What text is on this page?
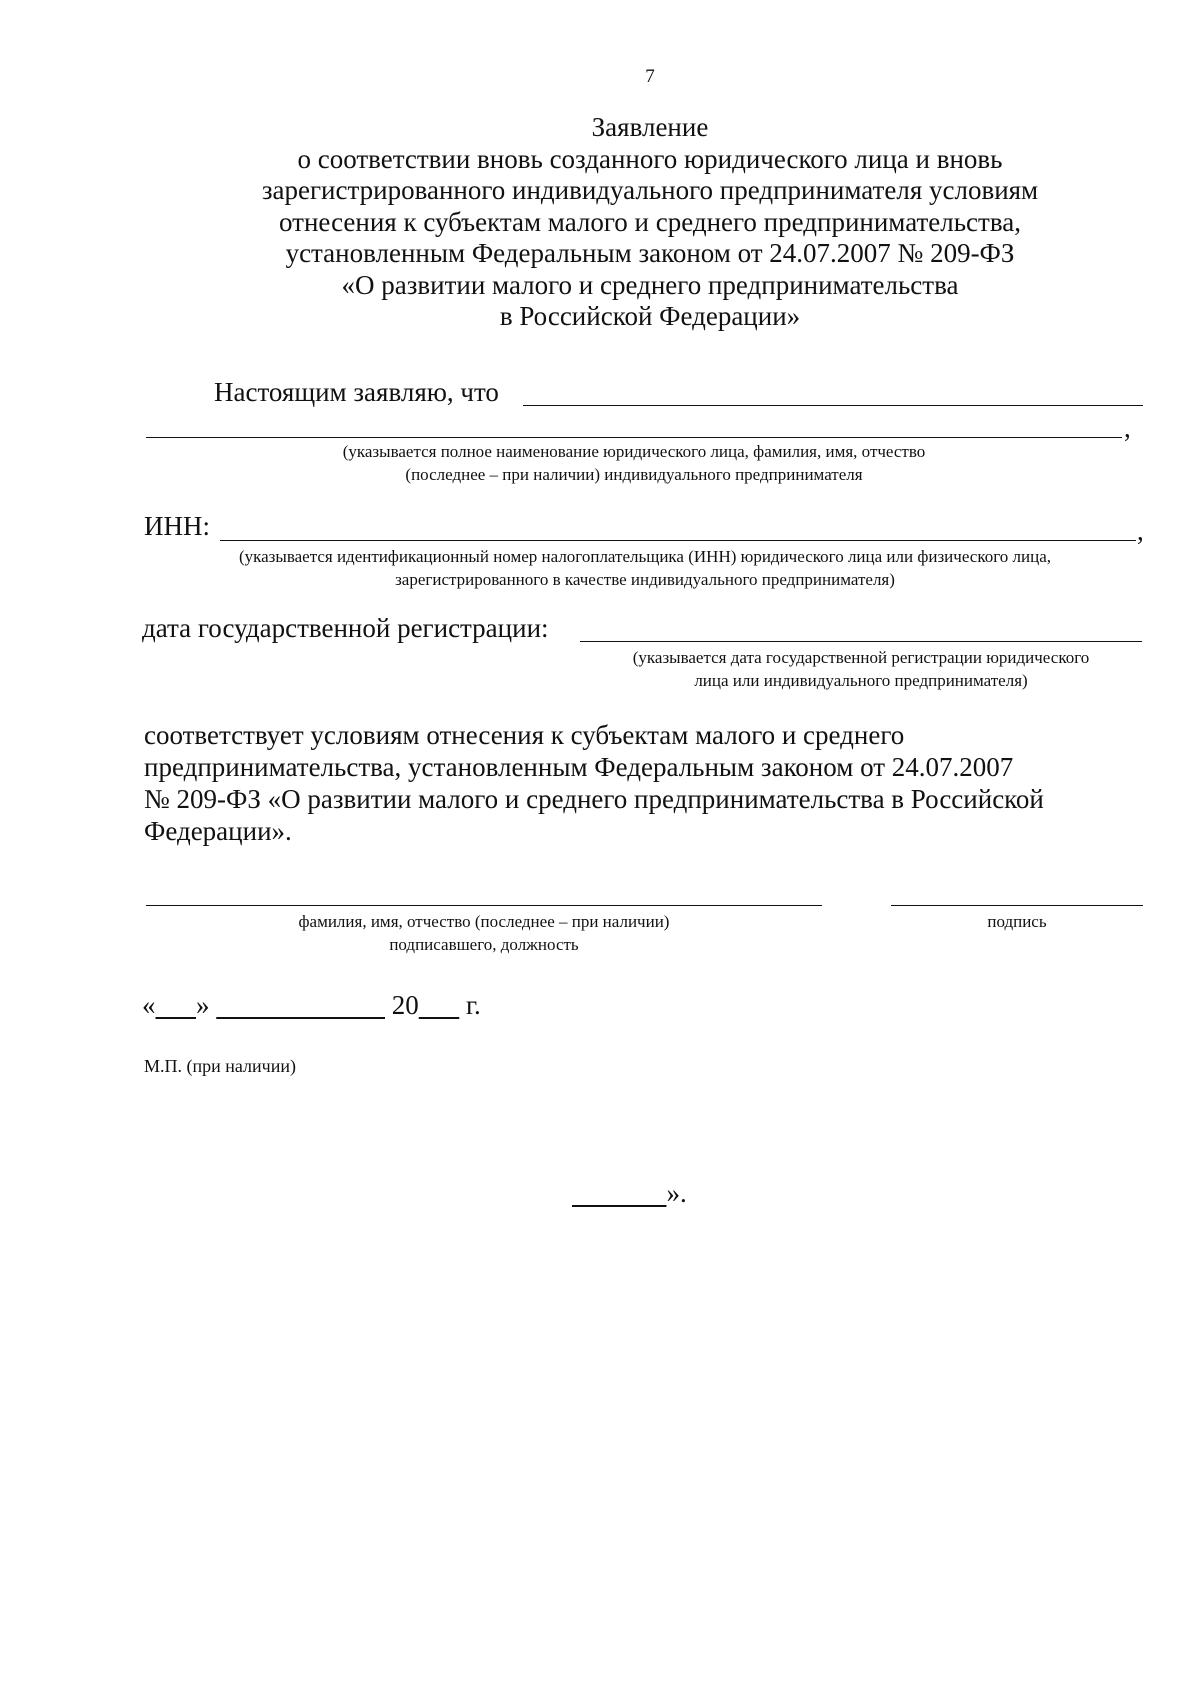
7
Заявление
о соответствии вновь созданного юридического лица и вновь
зарегистрированного индивидуального предпринимателя условиям
отнесения к субъектам малого и среднего предпринимательства,
установленным Федеральным законом от 24.07.2007 № 209-ФЗ
«О развитии малого и среднего предпринимательства
в Российской Федерации»
Настоящим заявляю, что
,
(указывается полное наименование юридического лица, фамилия, имя, отчество
(последнее – при наличии) индивидуального предпринимателя
ИНН:	,
(указывается идентификационный номер налогоплательщика (ИНН) юридического лица или физического лица,
зарегистрированного в качестве индивидуального предпринимателя)
дата государственной регистрации:
(указывается дата государственной регистрации юридического
лица или индивидуального предпринимателя)
соответствует условиям отнесения к субъектам малого и среднего
предпринимательства, установленным Федеральным законом от 24.07.2007
№ 209-ФЗ «О развитии малого и среднего предпринимательства в Российской
Федерации».
фамилия, имя, отчество (последнее – при наличии)
подписавшего, должность
подпись
« »	20 г.
М.П. (при наличии)
».
